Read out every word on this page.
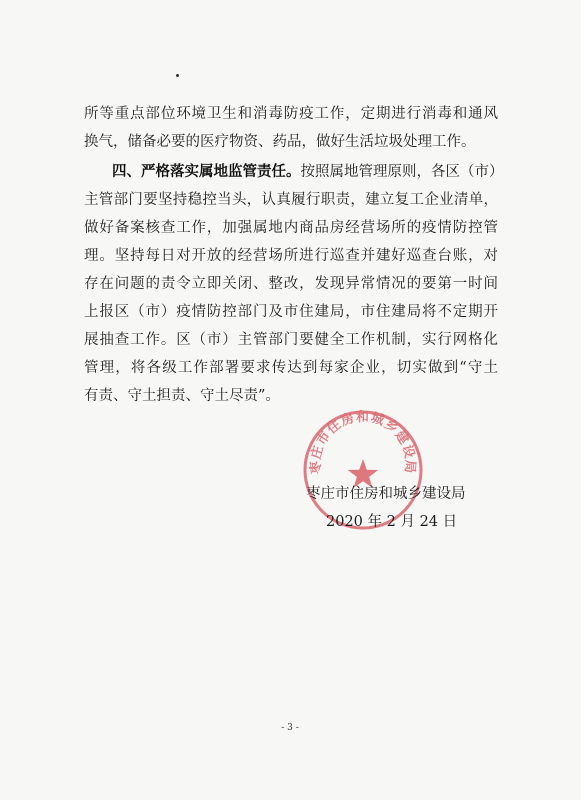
所等重点部位环境卫生和消毒防疫工作，定期进行消毒和通风
换气，储备必要的医疗物资、药品，做好生活垃圾处理工作。
四、严格落实属地监管责任。按照属地管理原则，各区（市）
主管部门要坚持稳控当头，认真履行职责，建立复工企业清单，
做好备案核查工作，加强属地内商品房经营场所的疫情防控管
理。坚持每日对开放的经营场所进行巡查并建好巡查台账，对
存在问题的责令立即关闭、整改，发现异常情况的要第一时间
上报区（市）疫情防控部门及市住建局，市住建局将不定期开
展抽查工作。区（市）主管部门要健全工作机制，实行网格化
管理，将各级工作部署要求传达到每家企业，切实做到“守土
有责、守土担责、守土尽责”。
枣庄市住房和城乡建设局
枣庄市住房和城乡建设局
2020 年 2 月 24 日
- 3 -
